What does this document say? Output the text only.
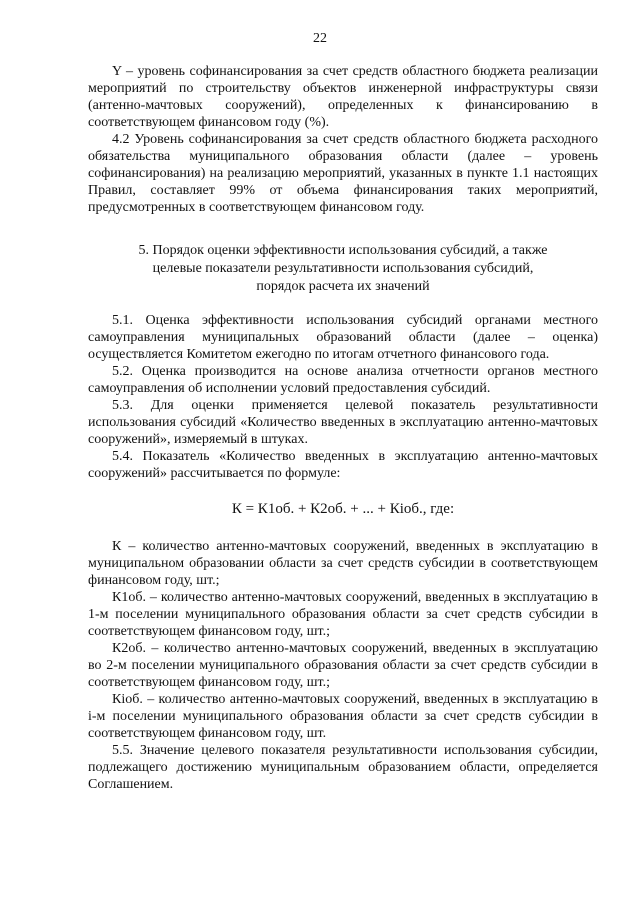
22

Y – уровень софинансирования за счет средств областного бюджета реализации мероприятий по строительству объектов инженерной инфраструктуры связи (антенно-мачтовых сооружений), определенных к финансированию в соответствующем финансовом году (%).

4.2 Уровень софинансирования за счет средств областного бюджета расходного обязательства муниципального образования области (далее – уровень софинансирования) на реализацию мероприятий, указанных в пункте 1.1 настоящих Правил, составляет 99% от объема финансирования таких мероприятий, предусмотренных в соответствующем финансовом году.

5. Порядок оценки эффективности использования субсидий, а также
целевые показатели результативности использования субсидий,
порядок расчета их значений

5.1. Оценка эффективности использования субсидий органами местного самоуправления муниципальных образований области (далее – оценка) осуществляется Комитетом ежегодно по итогам отчетного финансового года.

5.2. Оценка производится на основе анализа отчетности органов местного самоуправления об исполнении условий предоставления субсидий.

5.3. Для оценки применяется целевой показатель результативности использования субсидий «Количество введенных в эксплуатацию антенно-мачтовых сооружений», измеряемый в штуках.

5.4. Показатель «Количество введенных в эксплуатацию антенно-мачтовых сооружений» рассчитывается по формуле:

К = К1об. + К2об. + ... + Кiоб., где:

К – количество антенно-мачтовых сооружений, введенных в эксплуатацию в муниципальном образовании области за счет средств субсидии в соответствующем финансовом году, шт.;

К1об. – количество антенно-мачтовых сооружений, введенных в эксплуатацию в 1-м поселении муниципального образования области за счет средств субсидии в соответствующем финансовом году, шт.;

К2об. – количество антенно-мачтовых сооружений, введенных в эксплуатацию во 2-м поселении муниципального образования области за счет средств субсидии в соответствующем финансовом году, шт.;

Кiоб. – количество антенно-мачтовых сооружений, введенных в эксплуатацию в i-м поселении муниципального образования области за счет средств субсидии в соответствующем финансовом году, шт.

5.5. Значение целевого показателя результативности использования субсидии, подлежащего достижению муниципальным образованием области, определяется Соглашением.
